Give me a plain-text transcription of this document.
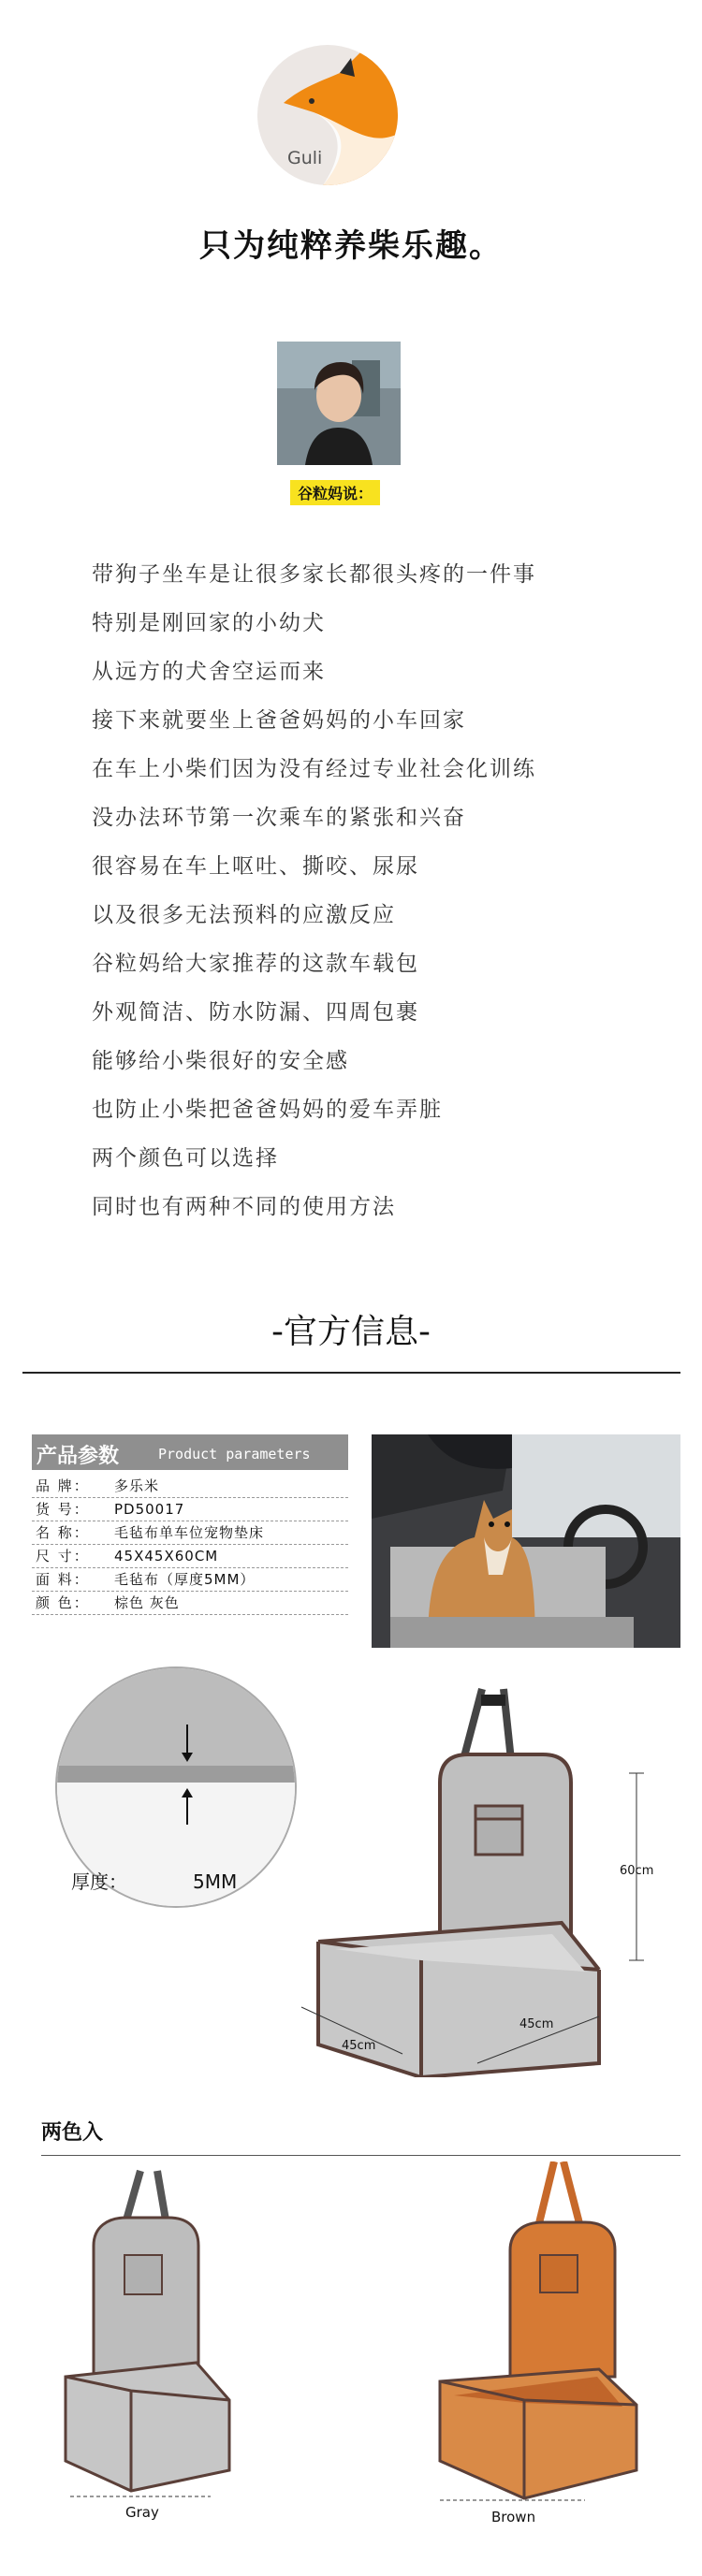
Guli
只为纯粹养柴乐趣。
谷粒妈说：
带狗子坐车是让很多家长都很头疼的一件事
特别是刚回家的小幼犬
从远方的犬舍空运而来
接下来就要坐上爸爸妈妈的小车回家
在车上小柴们因为没有经过专业社会化训练
没办法环节第一次乘车的紧张和兴奋
很容易在车上呕吐、撕咬、尿尿
以及很多无法预料的应激反应
谷粒妈给大家推荐的这款车载包
外观简洁、防水防漏、四周包裹
能够给小柴很好的安全感
也防止小柴把爸爸妈妈的爱车弄脏
两个颜色可以选择
同时也有两种不同的使用方法
-官方信息-
产品参数	Product parameters
品 牌： 多乐米
货 号： PD50017
名 称： 毛毡布单车位宠物垫床
尺 寸： 45X45X60CM
面 料： 毛毡布（厚度5MM）
颜 色： 棕色 灰色
厚度：	5MM	60cm
45cm
45cm
两色入
Gray	Brown
